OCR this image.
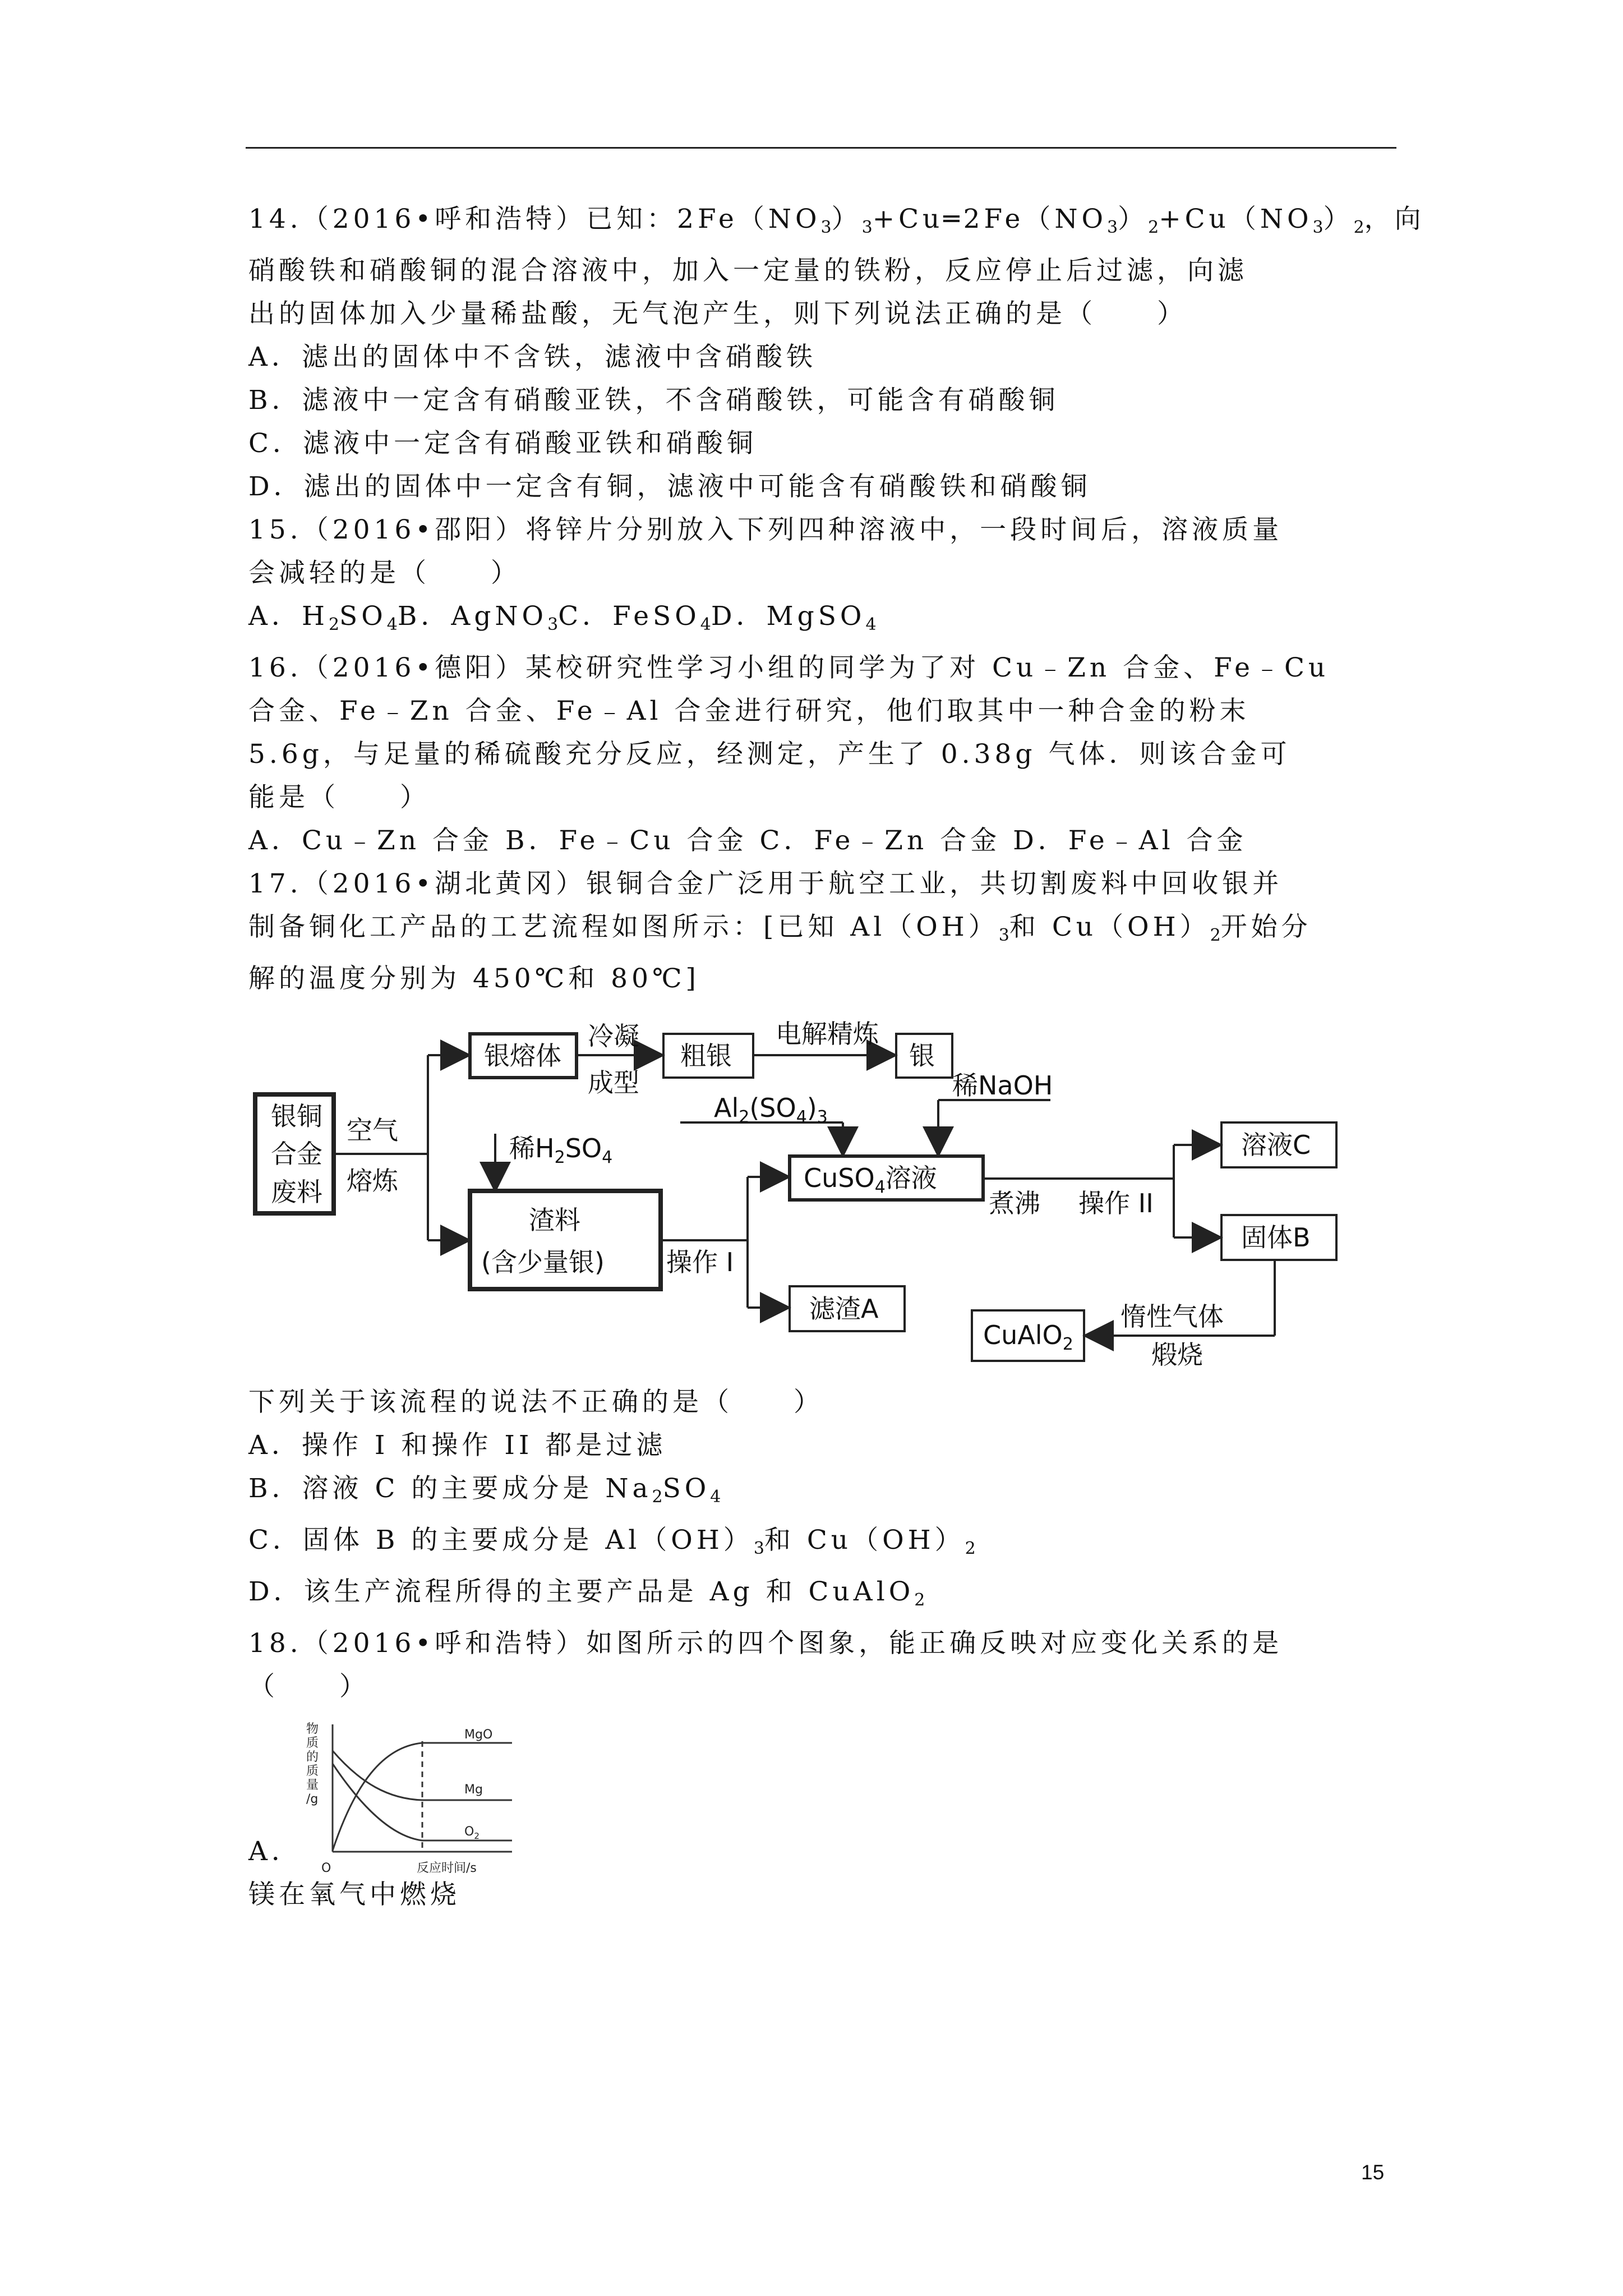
14.（2016•呼和浩特）已知：$2Fe(NO_3)_3+Cu═2Fe(NO_3)_2+Cu(NO_3)_2$，向
硝酸铁和硝酸铜的混合溶液中，加入一定量的铁粉，反应停止后过滤，向滤
出的固体加入少量稀盐酸，无气泡产生，则下列说法正确的是（　　）
A．滤出的固体中不含铁，滤液中含硝酸铁
B．滤液中一定含有硝酸亚铁，不含硝酸铁，可能含有硝酸铜
C．滤液中一定含有硝酸亚铁和硝酸铜
D．滤出的固体中一定含有铜，滤液中可能含有硝酸铁和硝酸铜
15.（2016•邵阳）将锌片分别放入下列四种溶液中，一段时间后，溶液质量
会减轻的是（　　）
A．$H_2SO_4B$．AgNO$_3$C．FeSO$_4$D．MgSO$_4$
16.（2016•德阳）某校研究性学习小组的同学为了对 Cu﹣Zn 合金、Fe﹣Cu
合金、Fe﹣Zn 合金、Fe﹣Al 合金进行研究，他们取其中一种合金的粉末
5.6g，与足量的稀硫酸充分反应，经测定，产生了 0.38g 气体．则该合金可
能是（　　）
A．Cu﹣Zn 合金 B．Fe﹣Cu 合金 C．Fe﹣Zn 合金 D．Fe﹣Al 合金
17.（2016•湖北黄冈）银铜合金广泛用于航空工业，共切割废料中回收银并
制备铜化工产品的工艺流程如图所示：[已知 $Al(OH)_3$和 $Cu(OH)_2$开始分
解的温度分别为 450℃和 80℃]
银铜
合金
废料
空气
熔炼
银熔体
冷凝
成型
粗银
电解精炼
银
稀$H_2SO_4$
渣料
(含少量银) 操作 I
$Al_2(SO_4)_3$
稀NaOH
CuSO$_4$溶液
煮沸 操作 II
滤渣A
溶液C
固体B
惰性气体
煅烧
CuAlO$_2$
下列关于该流程的说法不正确的是（　　）
A．操作 I 和操作 II 都是过滤
B．溶液 C 的主要成分是 $Na_2SO_4$
C．固体 B 的主要成分是 $Al(OH)_3$和 $Cu(OH)_2$
D．该生产流程所得的主要产品是 Ag 和 CuAlO$_2$
18.（2016•呼和浩特）如图所示的四个图象，能正确反映对应变化关系的是
（　　）
物
质
的
质
量
/g
O	反应时间/s
MgO
Mg
$O_2$
A．
镁在氧气中燃烧
15
